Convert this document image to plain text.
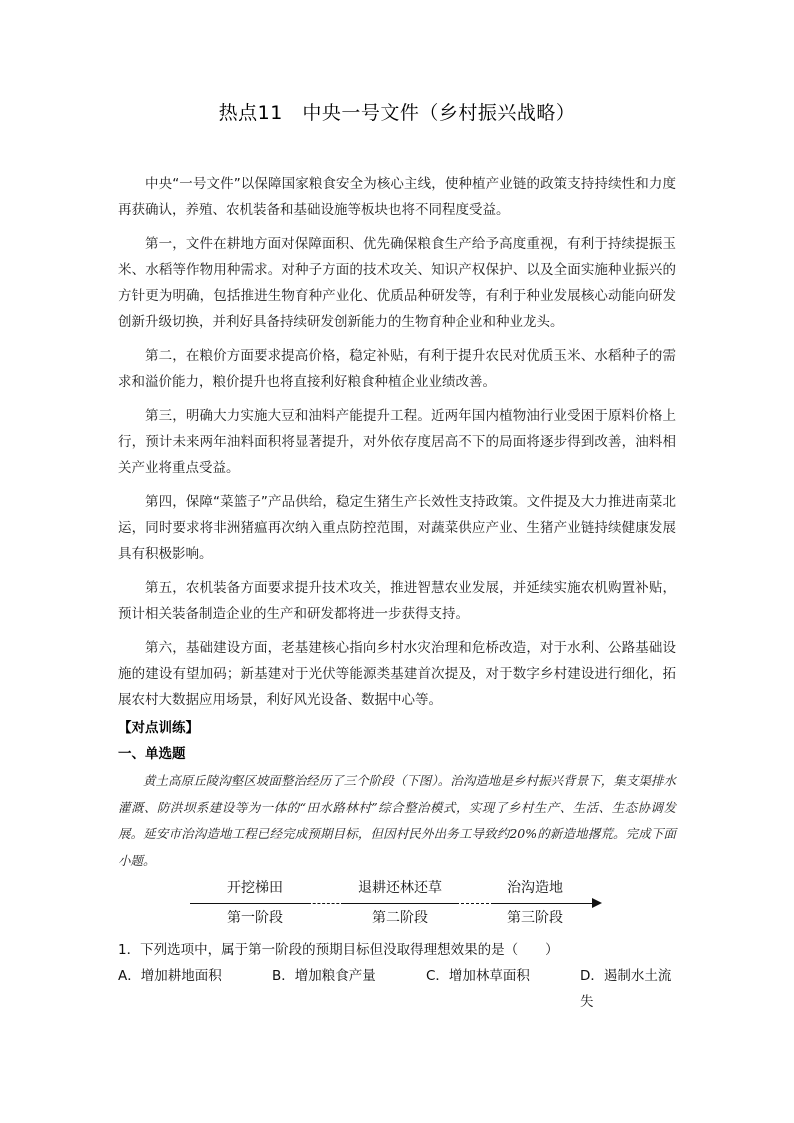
热点11　中央一号文件（乡村振兴战略）

中央“一号文件”以保障国家粮食安全为核心主线，使种植产业链的政策支持持续性和力度再获确认，养殖、农机装备和基础设施等板块也将不同程度受益。

第一，文件在耕地方面对保障面积、优先确保粮食生产给予高度重视，有利于持续提振玉米、水稻等作物用种需求。对种子方面的技术攻关、知识产权保护、以及全面实施种业振兴的方针更为明确，包括推进生物育种产业化、优质品种研发等，有利于种业发展核心动能向研发创新升级切换，并利好具备持续研发创新能力的生物育种企业和种业龙头。

第二，在粮价方面要求提高价格，稳定补贴，有利于提升农民对优质玉米、水稻种子的需求和溢价能力，粮价提升也将直接利好粮食种植企业业绩改善。

第三，明确大力实施大豆和油料产能提升工程。近两年国内植物油行业受困于原料价格上行，预计未来两年油料面积将显著提升，对外依存度居高不下的局面将逐步得到改善，油料相关产业将重点受益。

第四，保障“菜篮子”产品供给，稳定生猪生产长效性支持政策。文件提及大力推进南菜北运，同时要求将非洲猪瘟再次纳入重点防控范围，对蔬菜供应产业、生猪产业链持续健康发展具有积极影响。

第五，农机装备方面要求提升技术攻关，推进智慧农业发展，并延续实施农机购置补贴，预计相关装备制造企业的生产和研发都将进一步获得支持。

第六，基础建设方面，老基建核心指向乡村水灾治理和危桥改造，对于水利、公路基础设施的建设有望加码；新基建对于光伏等能源类基建首次提及，对于数字乡村建设进行细化，拓展农村大数据应用场景，利好风光设备、数据中心等。

【对点训练】
一、单选题

黄土高原丘陵沟壑区坡面整治经历了三个阶段（下图）。治沟造地是乡村振兴背景下，集支渠排水灌溉、防洪坝系建设等为一体的“田水路林村”综合整治模式，实现了乡村生产、生活、生态协调发展。延安市治沟造地工程已经完成预期目标，但因村民外出务工导致约20%的新造地撂荒。完成下面小题。

开挖梯田	退耕还林还草	治沟造地
第一阶段	第二阶段	第三阶段

1．下列选项中，属于第一阶段的预期目标但没取得理想效果的是（　　）

A．增加耕地面积	B．增加粮食产量	C．增加林草面积	D．遏制水土流失
